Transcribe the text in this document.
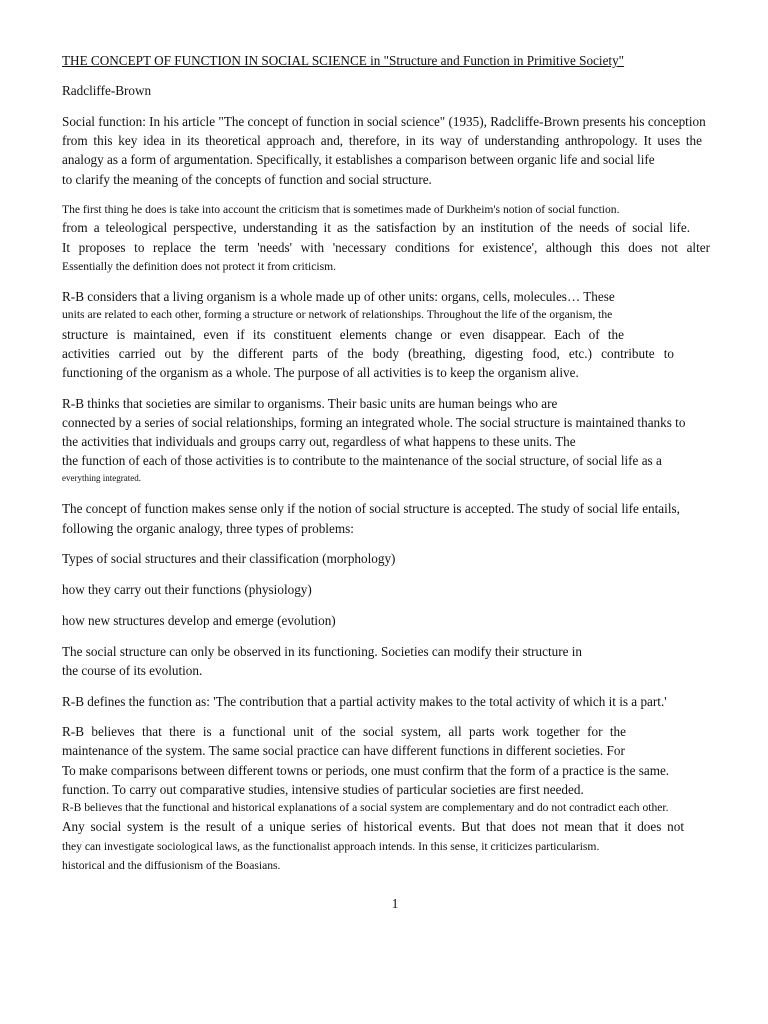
THE CONCEPT OF FUNCTION IN SOCIAL SCIENCE in "Structure and Function in Primitive Society"
Radcliffe-Brown
Social function: In his article "The concept of function in social science" (1935), Radcliffe-Brown presents his conception
from this key idea in its theoretical approach and, therefore, in its way of understanding anthropology. It uses the
analogy as a form of argumentation. Specifically, it establishes a comparison between organic life and social life
to clarify the meaning of the concepts of function and social structure.
The first thing he does is take into account the criticism that is sometimes made of Durkheim's notion of social function.
from a teleological perspective, understanding it as the satisfaction by an institution of the needs of social life.
It proposes to replace the term 'needs' with 'necessary conditions for existence', although this does not alter
Essentially the definition does not protect it from criticism.
R-B considers that a living organism is a whole made up of other units: organs, cells, molecules… These
units are related to each other, forming a structure or network of relationships. Throughout the life of the organism, the
structure is maintained, even if its constituent elements change or even disappear. Each of the
activities carried out by the different parts of the body (breathing, digesting food, etc.) contribute to
functioning of the organism as a whole. The purpose of all activities is to keep the organism alive.
R-B thinks that societies are similar to organisms. Their basic units are human beings who are
connected by a series of social relationships, forming an integrated whole. The social structure is maintained thanks to
the activities that individuals and groups carry out, regardless of what happens to these units. The
the function of each of those activities is to contribute to the maintenance of the social structure, of social life as a
everything integrated.
The concept of function makes sense only if the notion of social structure is accepted. The study of social life entails,
following the organic analogy, three types of problems:
Types of social structures and their classification (morphology)
how they carry out their functions (physiology)
how new structures develop and emerge (evolution)
The social structure can only be observed in its functioning. Societies can modify their structure in
the course of its evolution.
R-B defines the function as: 'The contribution that a partial activity makes to the total activity of which it is a part.'
R-B believes that there is a functional unit of the social system, all parts work together for the
maintenance of the system. The same social practice can have different functions in different societies. For
To make comparisons between different towns or periods, one must confirm that the form of a practice is the same.
function. To carry out comparative studies, intensive studies of particular societies are first needed.
R-B believes that the functional and historical explanations of a social system are complementary and do not contradict each other.
Any social system is the result of a unique series of historical events. But that does not mean that it does not
they can investigate sociological laws, as the functionalist approach intends. In this sense, it criticizes particularism.
historical and the diffusionism of the Boasians.
1
